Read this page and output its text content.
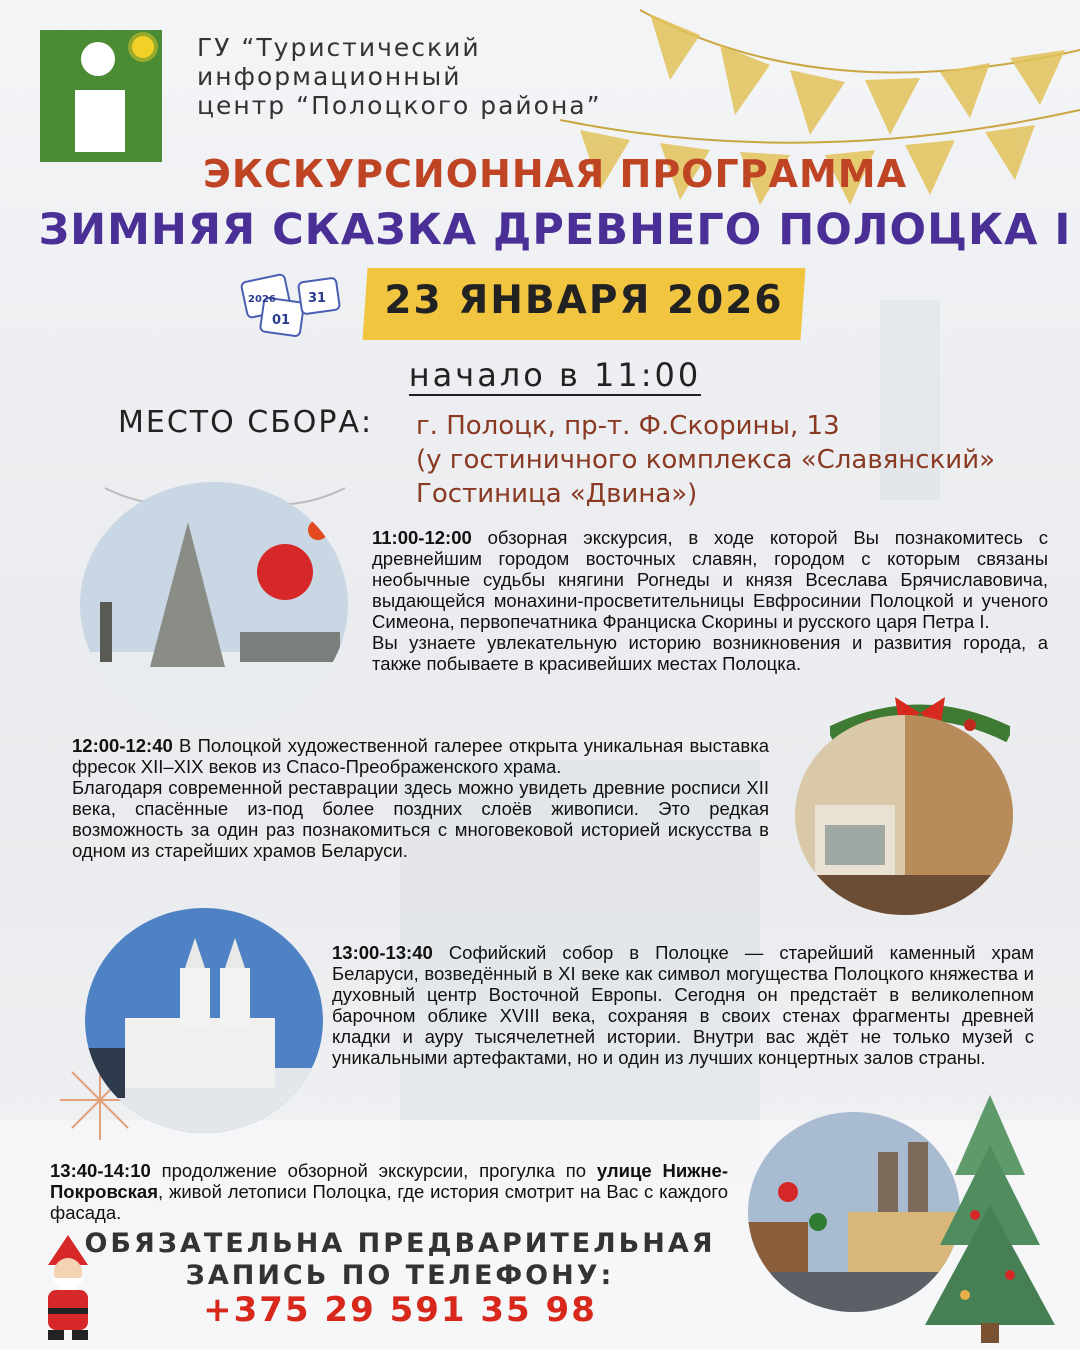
ГУ “Туристический
информационный
центр “Полоцкого района”
ЭКСКУРСИОННАЯ ПРОГРАММА
ЗИМНЯЯ СКАЗКА ДРЕВНЕГО ПОЛОЦКА I
2026
01
31	23 ЯНВАРЯ 2026
начало в 11:00
МЕСТО СБОРА: г. Полоцк, пр-т. Ф.Скорины, 13
(у гостиничного комплекса «Славянский»
Гостиница «Двина»)
11:00-12:00 обзорная экскурсия, в ходе которой Вы познакомитесь с древнейшим городом восточных славян, городом с которым связаны необычные судьбы княгини Рогнеды и князя Всеслава Брячиславовича, выдающейся монахини-просветительницы Евфросинии Полоцкой и ученого Симеона, первопечатника Франциска Скорины и русского царя Петра I.
Вы узнаете увлекательную историю возникновения и развития города, а также побываете в красивейших местах Полоцка.
12:00-12:40 В Полоцкой художественной галерее открыта уникальная выставка фресок XII–XIX веков из Спасо-Преображенского храма.
Благодаря современной реставрации здесь можно увидеть древние росписи XII века, спасённые из-под более поздних слоёв живописи. Это редкая возможность за один раз познакомиться с многовековой историей искусства в одном из старейших храмов Беларуси.
13:00-13:40 Софийский собор в Полоцке — старейший каменный храм Беларуси, возведённый в XI веке как символ могущества Полоцкого княжества и духовный центр Восточной Европы. Сегодня он предстаёт в великолепном барочном облике XVIII века, сохраняя в своих стенах фрагменты древней кладки и ауру тысячелетней истории. Внутри вас ждёт не только музей с уникальными артефактами, но и один из лучших концертных залов страны.
13:40-14:10 продолжение обзорной экскурсии, прогулка по улице Нижне-Покровская, живой летописи Полоцка, где история смотрит на Вас с каждого фасада.
ОБЯЗАТЕЛЬНА ПРЕДВАРИТЕЛЬНАЯ
ЗАПИСЬ ПО ТЕЛЕФОНУ:
+375 29 591 35 98
